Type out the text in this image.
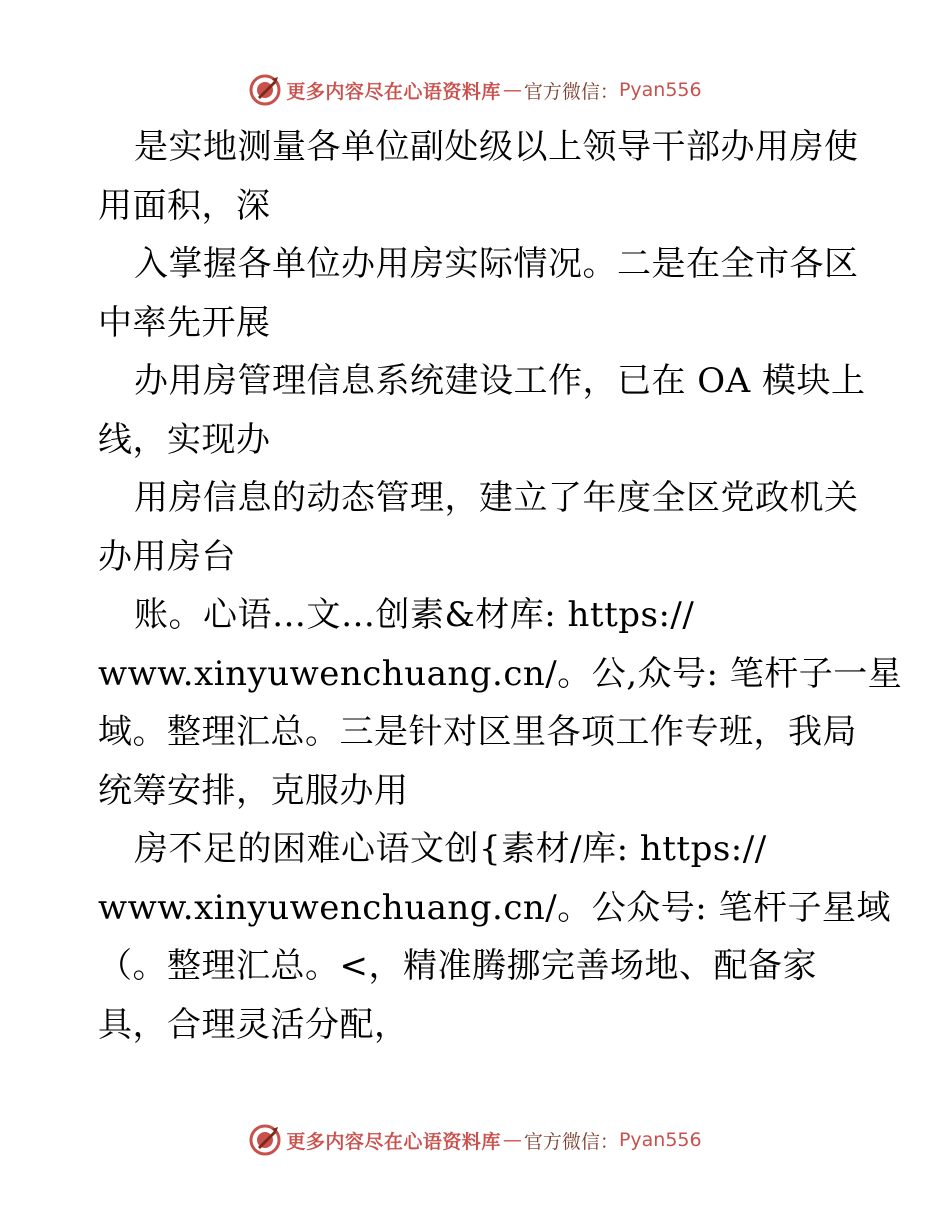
更多内容尽在心语资料库 — 官方微信： Pyan556
是实地测量各单位副处级以上领导干部办用房使
用面积，深
入掌握各单位办用房实际情况。二是在全市各区
中率先开展
办用房管理信息系统建设工作，已在 OA 模块上
线，实现办
用房信息的动态管理，建立了年度全区党政机关
办用房台
账。心语…文…创素&材库: https://
www.xinyuwenchuang.cn/。公,众号: 笔杆子一星
域。整理汇总。三是针对区里各项工作专班，我局
统筹安排，克服办用
房不足的困难心语文创{素材/库: https://
www.xinyuwenchuang.cn/。公众号: 笔杆子星域
（。整理汇总。<，精准腾挪完善场地、配备家
具，合理灵活分配，
更多内容尽在心语资料库 — 官方微信： Pyan556
